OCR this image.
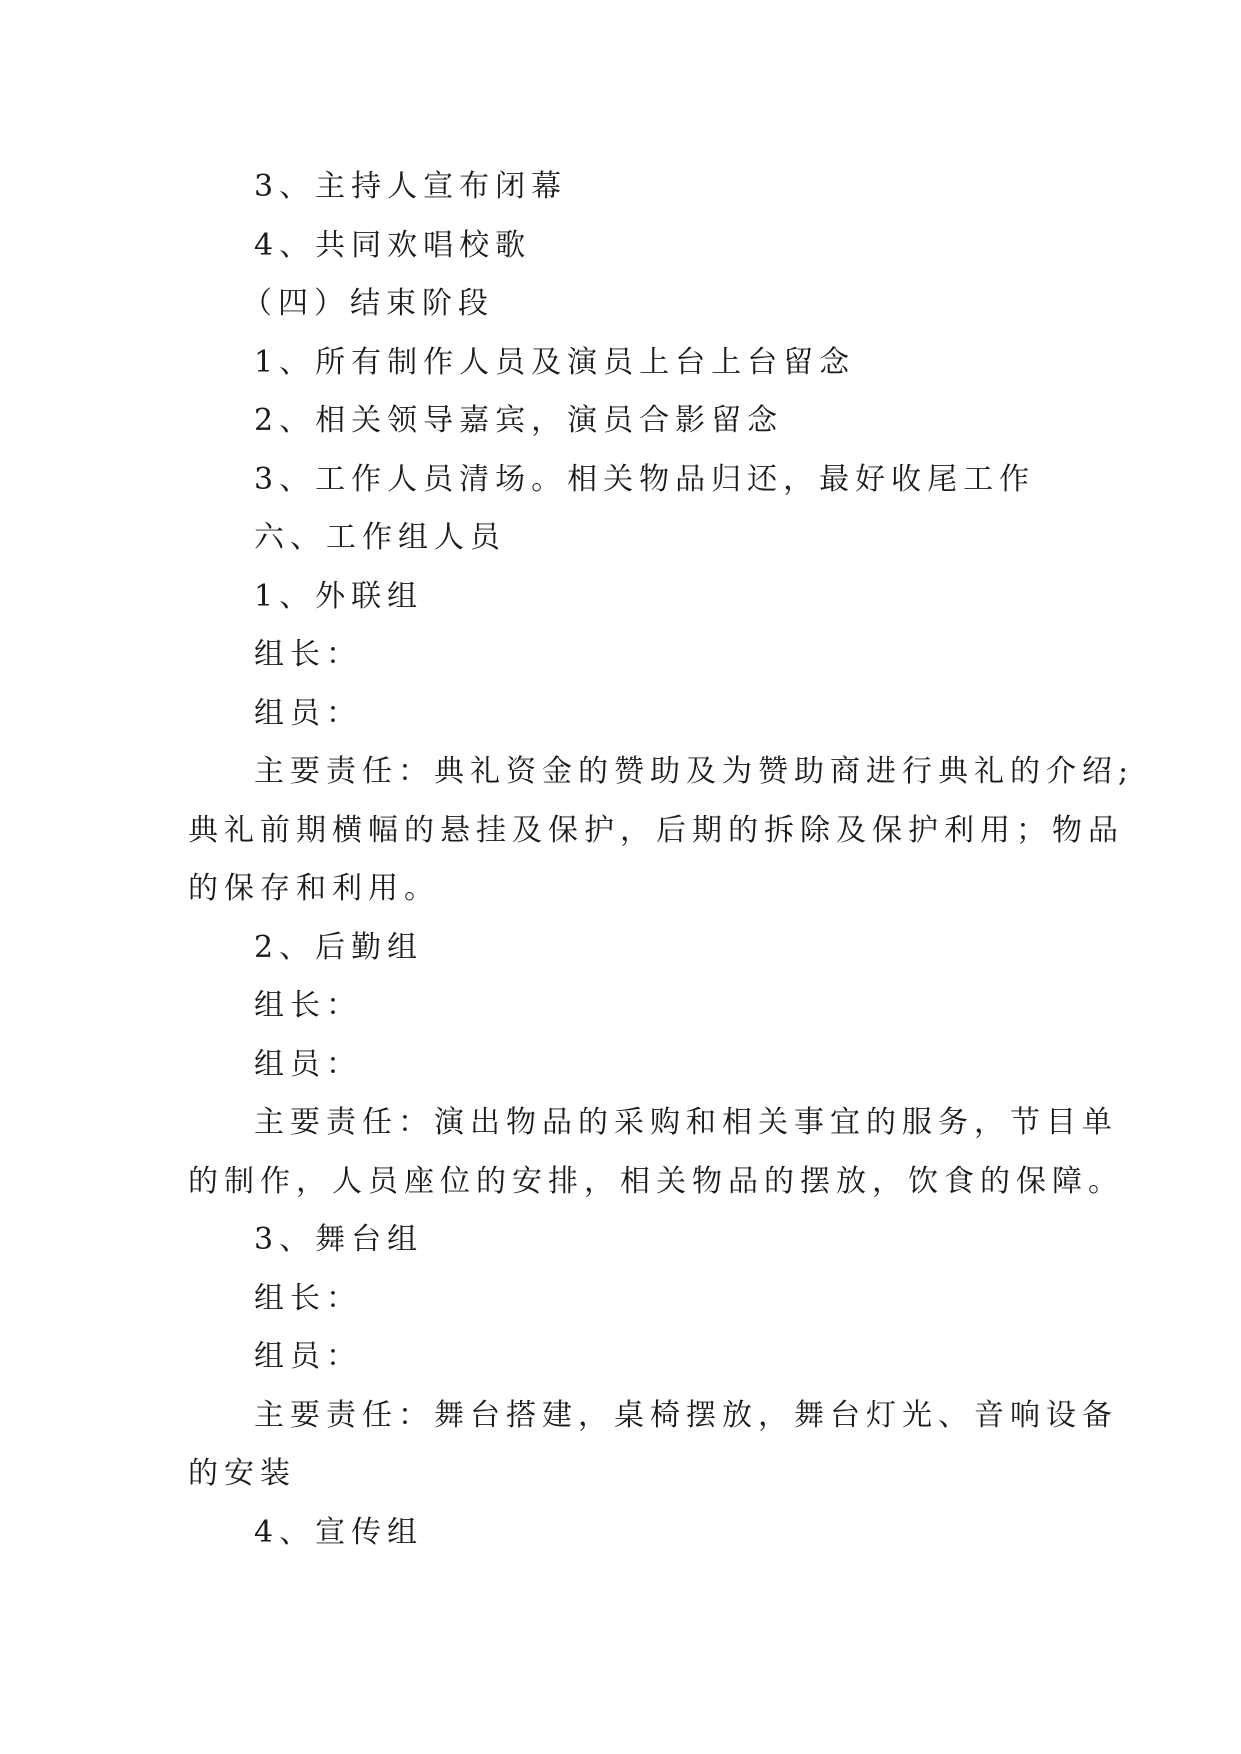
3、主持人宣布闭幕
4、共同欢唱校歌
（四）结束阶段
1、所有制作人员及演员上台上台留念
2、相关领导嘉宾，演员合影留念
3、工作人员清场。相关物品归还，最好收尾工作
六、工作组人员
1、外联组
组长：
组员：
主要责任：典礼资金的赞助及为赞助商进行典礼的介绍;
典礼前期横幅的悬挂及保护，后期的拆除及保护利用；物品
的保存和利用。
2、后勤组
组长：
组员：
主要责任：演出物品的采购和相关事宜的服务，节目单
的制作，人员座位的安排，相关物品的摆放，饮食的保障。
3、舞台组
组长：
组员：
主要责任：舞台搭建，桌椅摆放，舞台灯光、音响设备
的安装
4、宣传组
